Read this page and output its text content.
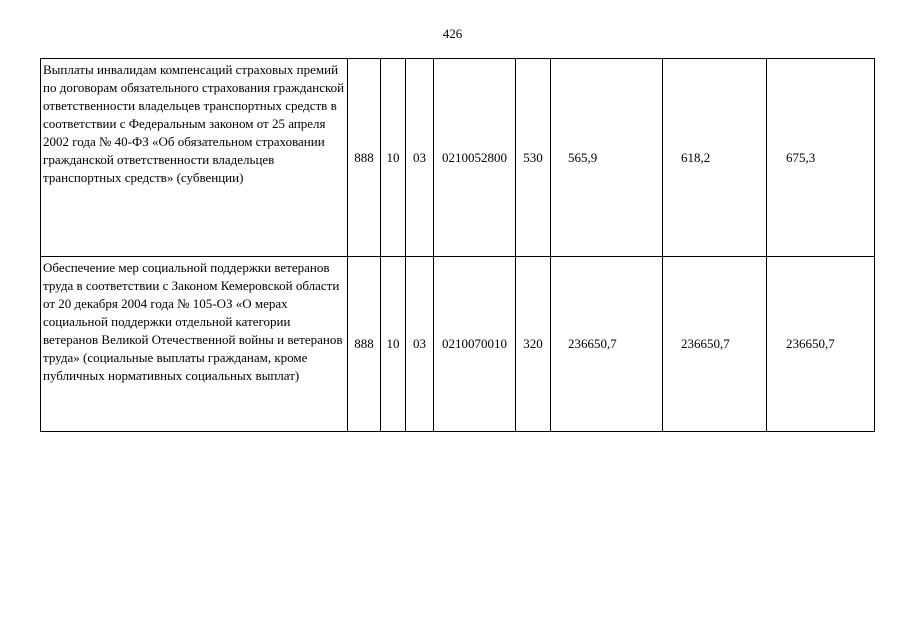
426
Выплаты инвалидам компенсаций страховых премий по договорам обязательного страхования гражданской ответственности владельцев транспортных средств в соответствии с Федеральным законом от 25 апреля 2002 года № 40-ФЗ «Об обязательном страховании гражданской ответственности владельцев транспортных средств» (субвенции)	888	10	03	0210052800	530	565,9	618,2	675,3
Обеспечение мер социальной поддержки ветеранов труда в соответствии с Законом Кемеровской области от 20 декабря 2004 года № 105-ОЗ «О мерах социальной поддержки отдельной категории ветеранов Великой Отечественной войны и ветеранов труда» (социальные выплаты гражданам, кроме публичных нормативных социальных выплат)	888	10	03	0210070010	320	236650,7	236650,7	236650,7
